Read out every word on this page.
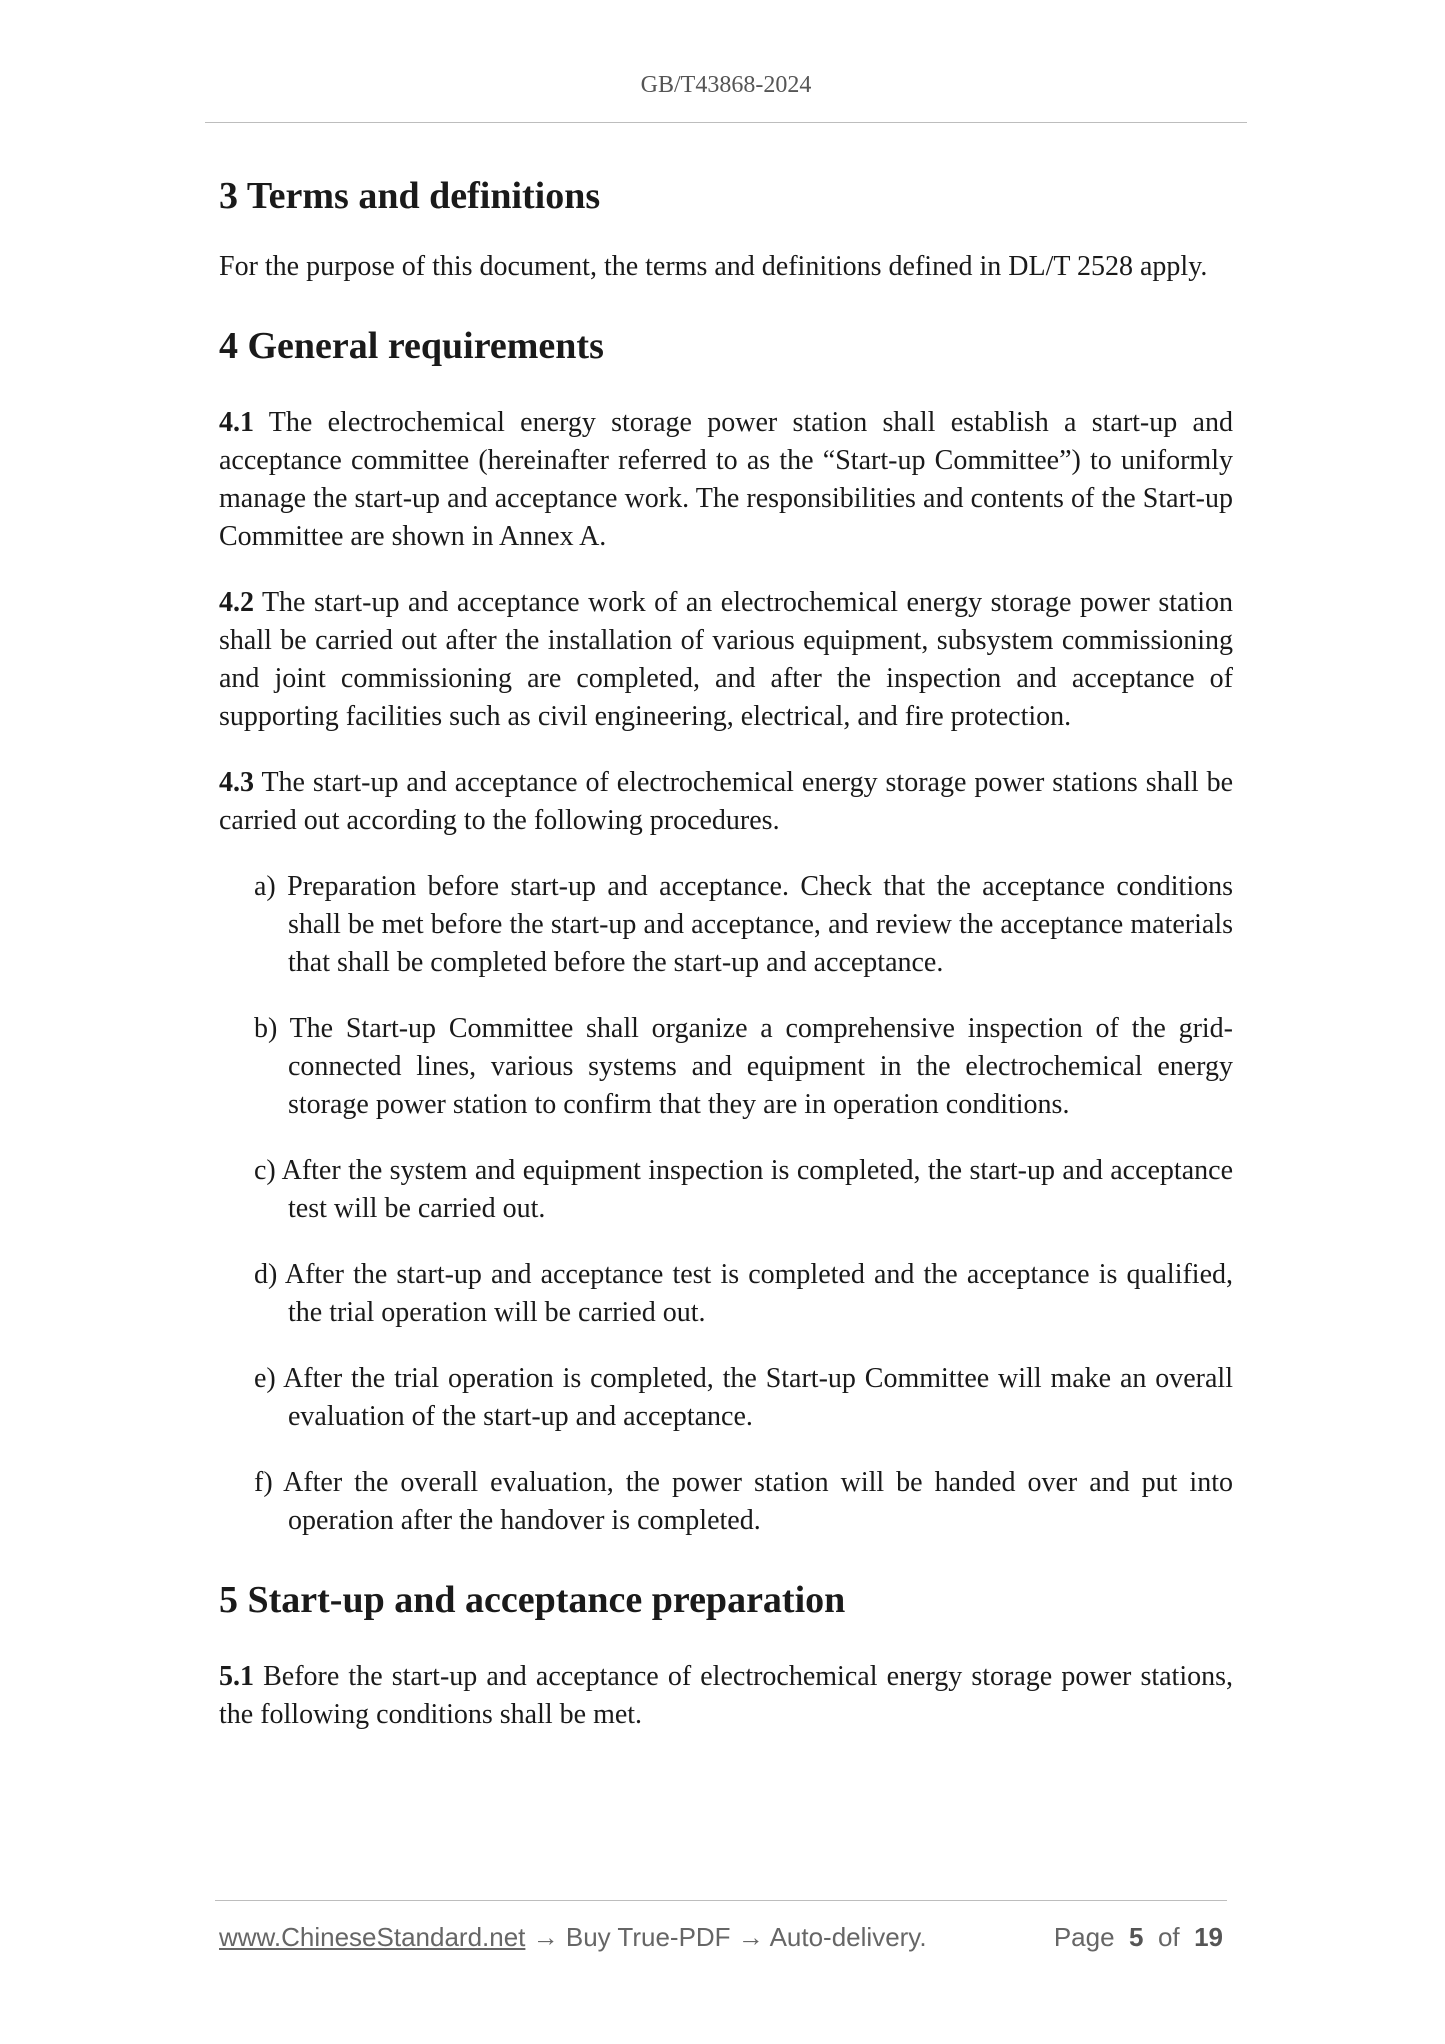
GB/T43868-2024
3 Terms and definitions

For the purpose of this document, the terms and definitions defined in DL/T 2528 apply.

4 General requirements

4.1 The electrochemical energy storage power station shall establish a start-up and acceptance committee (hereinafter referred to as the “Start-up Committee”) to uniformly manage the start-up and acceptance work. The responsibilities and contents of the Start-up Committee are shown in Annex A.

4.2 The start-up and acceptance work of an electrochemical energy storage power station shall be carried out after the installation of various equipment, subsystem commissioning and joint commissioning are completed, and after the inspection and acceptance of supporting facilities such as civil engineering, electrical, and fire protection.

4.3 The start-up and acceptance of electrochemical energy storage power stations shall be carried out according to the following procedures.

a) Preparation before start-up and acceptance. Check that the acceptance conditions shall be met before the start-up and acceptance, and review the acceptance materials that shall be completed before the start-up and acceptance.

b) The Start-up Committee shall organize a comprehensive inspection of the grid-connected lines, various systems and equipment in the electrochemical energy storage power station to confirm that they are in operation conditions.

c) After the system and equipment inspection is completed, the start-up and acceptance test will be carried out.

d) After the start-up and acceptance test is completed and the acceptance is qualified, the trial operation will be carried out.

e) After the trial operation is completed, the Start-up Committee will make an overall evaluation of the start-up and acceptance.

f) After the overall evaluation, the power station will be handed over and put into operation after the handover is completed.

5 Start-up and acceptance preparation

5.1 Before the start-up and acceptance of electrochemical energy storage power stations, the following conditions shall be met.

www.ChineseStandard.net → Buy True-PDF → Auto-delivery.	Page 5 of 19
